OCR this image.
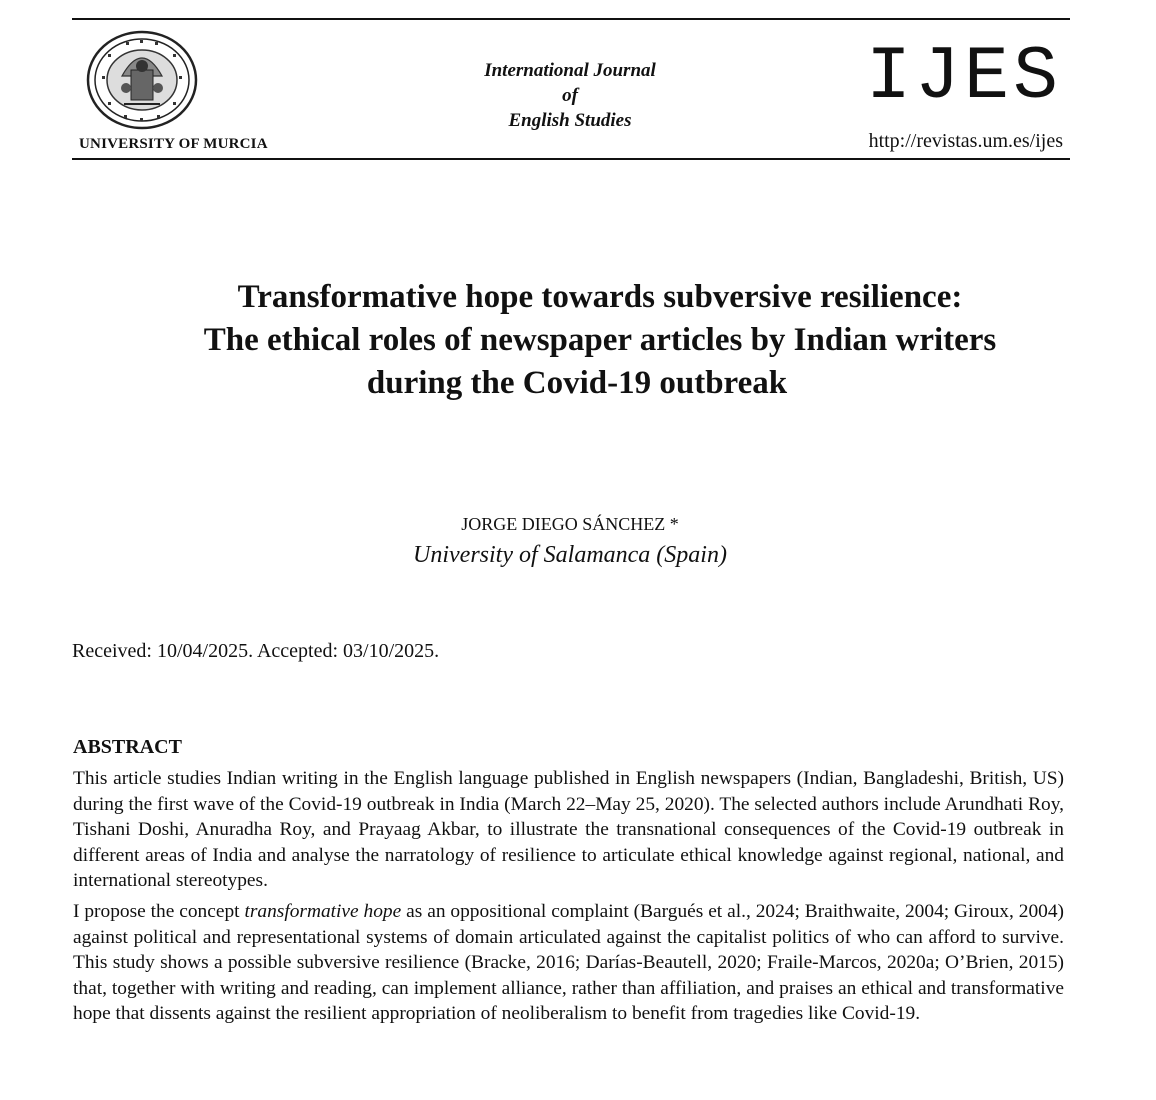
UNIVERSITY OF MURCIA
International Journal
of
English Studies
IJES
http://revistas.um.es/ijes
Transformative hope towards subversive resilience:
The ethical roles of newspaper articles by Indian writers
during the Covid-19 outbreak
JORGE DIEGO SÁNCHEZ *
University of Salamanca (Spain)
Received: 10/04/2025. Accepted: 03/10/2025.
ABSTRACT

This article studies Indian writing in the English language published in English newspapers (Indian, Bangladeshi, British, US) during the first wave of the Covid-19 outbreak in India (March 22–May 25, 2020). The selected authors include Arundhati Roy, Tishani Doshi, Anuradha Roy, and Prayaag Akbar, to illustrate the transnational consequences of the Covid-19 outbreak in different areas of India and analyse the narratology of resilience to articulate ethical knowledge against regional, national, and international stereotypes.

I propose the concept transformative hope as an oppositional complaint (Bargués et al., 2024; Braithwaite, 2004; Giroux, 2004) against political and representational systems of domain articulated against the capitalist politics of who can afford to survive. This study shows a possible subversive resilience (Bracke, 2016; Darías-Beautell, 2020; Fraile-Marcos, 2020a; O’Brien, 2015) that, together with writing and reading, can implement alliance, rather than affiliation, and praises an ethical and transformative hope that dissents against the resilient appropriation of neoliberalism to benefit from tragedies like Covid-19.
